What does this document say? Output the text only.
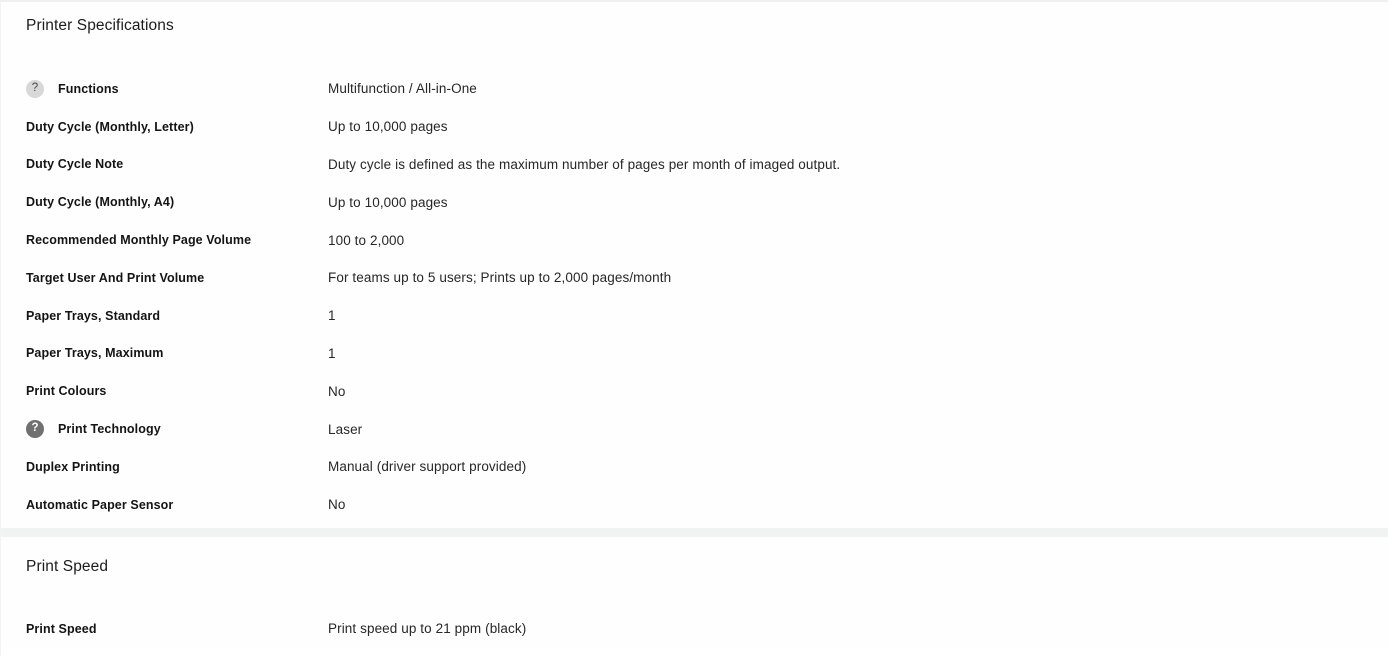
Printer Specifications
? Functions	Multifunction / All-in-One
Duty Cycle (Monthly, Letter)	Up to 10,000 pages
Duty Cycle Note	Duty cycle is defined as the maximum number of pages per month of imaged output.
Duty Cycle (Monthly, A4)	Up to 10,000 pages
Recommended Monthly Page Volume	100 to 2,000
Target User And Print Volume	For teams up to 5 users; Prints up to 2,000 pages/month
Paper Trays, Standard	1
Paper Trays, Maximum	1
Print Colours	No
? Print Technology	Laser
Duplex Printing	Manual (driver support provided)
Automatic Paper Sensor	No
Print Speed
Print Speed	Print speed up to 21 ppm (black)
